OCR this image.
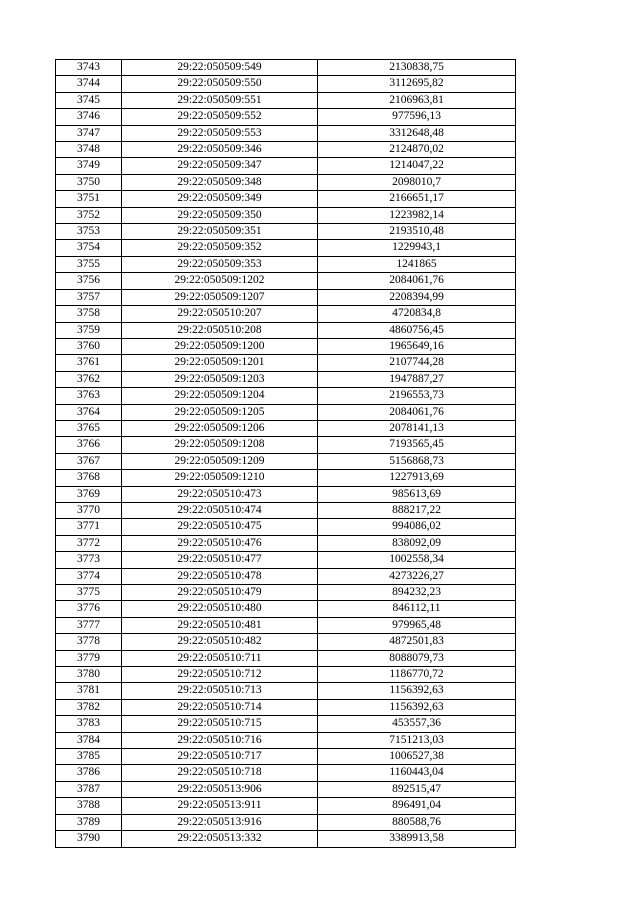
3743	29:22:050509:549	2130838,75
3744	29:22:050509:550	3112695,82
3745	29:22:050509:551	2106963,81
3746	29:22:050509:552	977596,13
3747	29:22:050509:553	3312648,48
3748	29:22:050509:346	2124870,02
3749	29:22:050509:347	1214047,22
3750	29:22:050509:348	2098010,7
3751	29:22:050509:349	2166651,17
3752	29:22:050509:350	1223982,14
3753	29:22:050509:351	2193510,48
3754	29:22:050509:352	1229943,1
3755	29:22:050509:353	1241865
3756	29:22:050509:1202	2084061,76
3757	29:22:050509:1207	2208394,99
3758	29:22:050510:207	4720834,8
3759	29:22:050510:208	4860756,45
3760	29:22:050509:1200	1965649,16
3761	29:22:050509:1201	2107744,28
3762	29:22:050509:1203	1947887,27
3763	29:22:050509:1204	2196553,73
3764	29:22:050509:1205	2084061,76
3765	29:22:050509:1206	2078141,13
3766	29:22:050509:1208	7193565,45
3767	29:22:050509:1209	5156868,73
3768	29:22:050509:1210	1227913,69
3769	29:22:050510:473	985613,69
3770	29:22:050510:474	888217,22
3771	29:22:050510:475	994086,02
3772	29:22:050510:476	838092,09
3773	29:22:050510:477	1002558,34
3774	29:22:050510:478	4273226,27
3775	29:22:050510:479	894232,23
3776	29:22:050510:480	846112,11
3777	29:22:050510:481	979965,48
3778	29:22:050510:482	4872501,83
3779	29:22:050510:711	8088079,73
3780	29:22:050510:712	1186770,72
3781	29:22:050510:713	1156392,63
3782	29:22:050510:714	1156392,63
3783	29:22:050510:715	453557,36
3784	29:22:050510:716	7151213,03
3785	29:22:050510:717	1006527,38
3786	29:22:050510:718	1160443,04
3787	29:22:050513:906	892515,47
3788	29:22:050513:911	896491,04
3789	29:22:050513:916	880588,76
3790	29:22:050513:332	3389913,58
